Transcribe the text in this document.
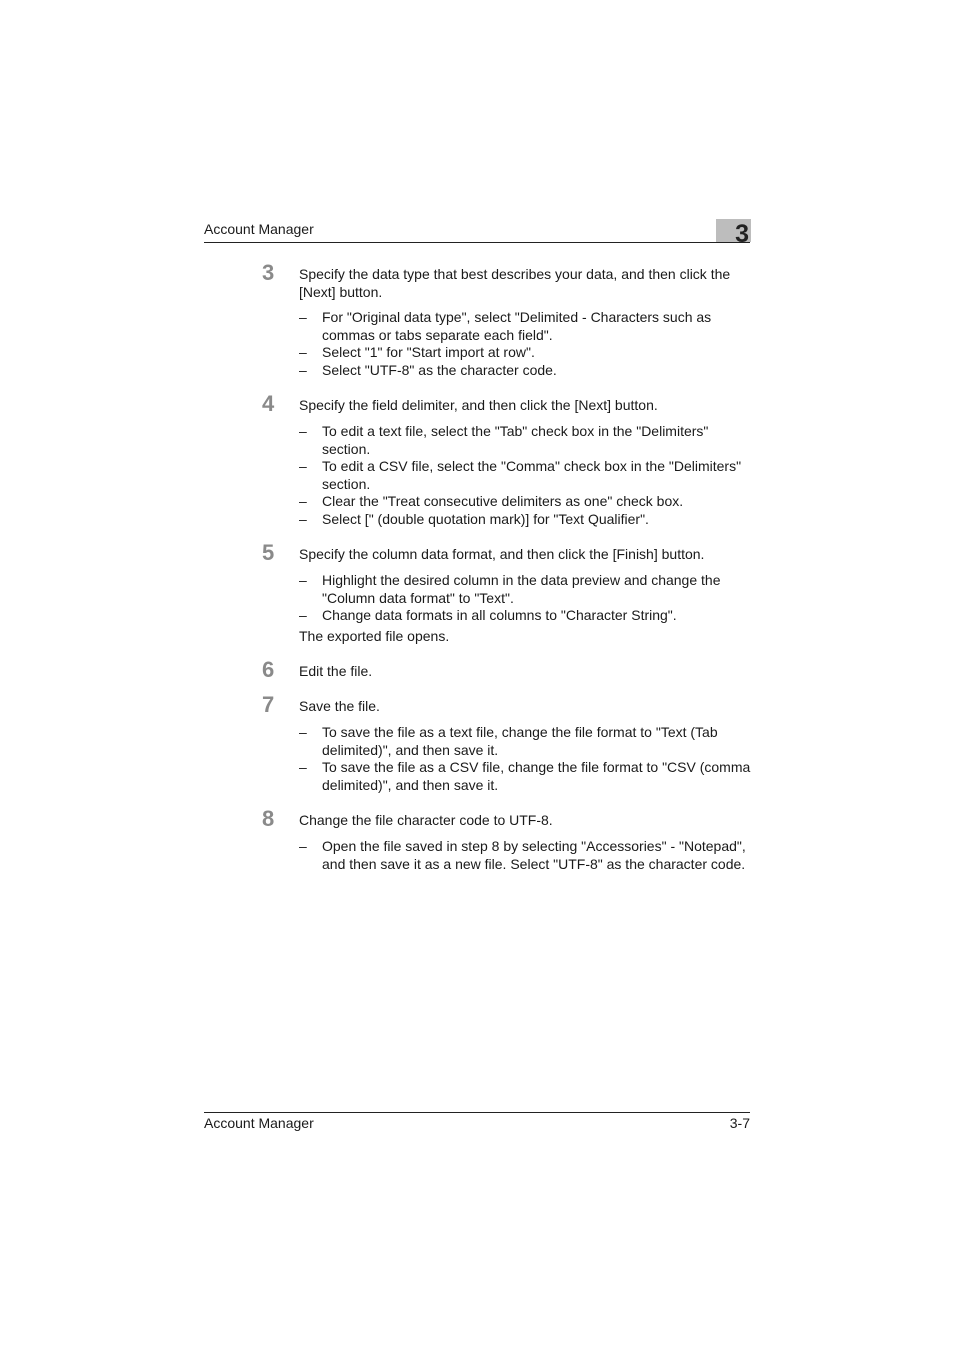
Account Manager	3
3 Specify the data type that best describes your data, and then click the [Next] button.
– For "Original data type", select "Delimited - Characters such as commas or tabs separate each field".
– Select "1" for "Start import at row".
– Select "UTF-8" as the character code.
4 Specify the field delimiter, and then click the [Next] button.
– To edit a text file, select the "Tab" check box in the "Delimiters" section.
– To edit a CSV file, select the "Comma" check box in the "Delimiters" section.
– Clear the "Treat consecutive delimiters as one" check box.
– Select [" (double quotation mark)] for "Text Qualifier".
5 Specify the column data format, and then click the [Finish] button.
– Highlight the desired column in the data preview and change the "Column data format" to "Text".
– Change data formats in all columns to "Character String".
The exported file opens.
6 Edit the file.
7 Save the file.
– To save the file as a text file, change the file format to "Text (Tab delimited)", and then save it.
– To save the file as a CSV file, change the file format to "CSV (comma delimited)", and then save it.
8 Change the file character code to UTF-8.
– Open the file saved in step 8 by selecting "Accessories" - "Notepad", and then save it as a new file. Select "UTF-8" as the character code.
Account Manager	3-7
